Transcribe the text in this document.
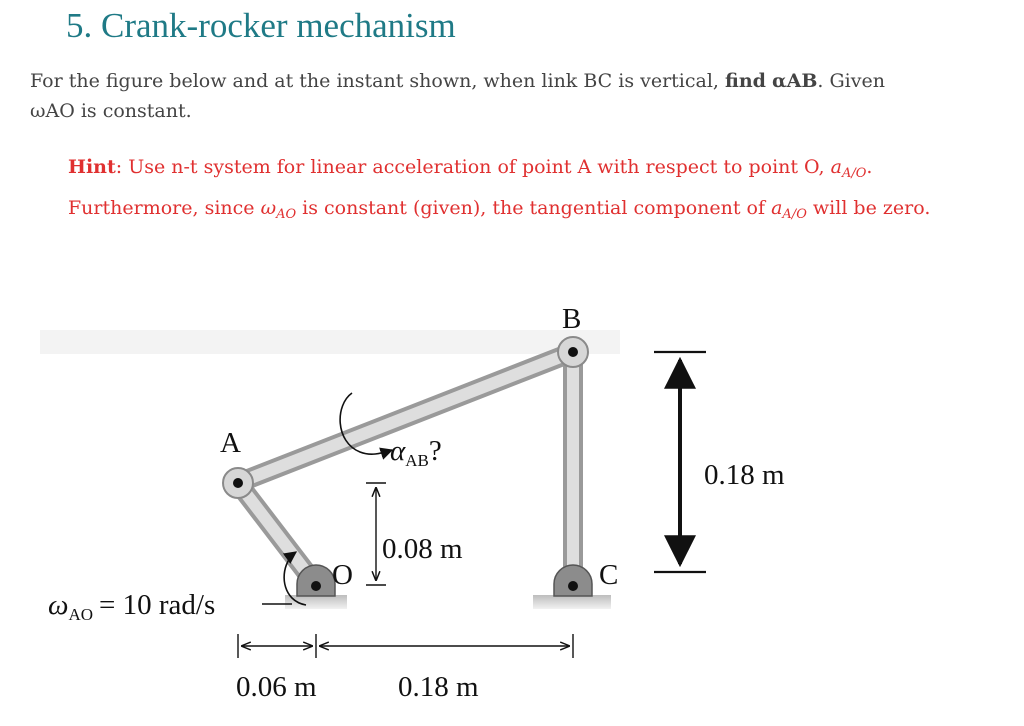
5. Crank-rocker mechanism
For the figure below and at the instant shown, when link BC is vertical, find αAB. Given
ωAO is constant.
Hint: Use n-t system for linear acceleration of point A with respect to point O, $a_{A/O}$.
Furthermore, since $\omega_{AO}$ is constant (given), the tangential component of $a_{A/O}$ will be zero.
A
B
C
O
$\alpha_{AB}$?
$\omega_{AO} = 10$ rad/s
0.08 m
0.18 m
0.06 m	0.18 m
